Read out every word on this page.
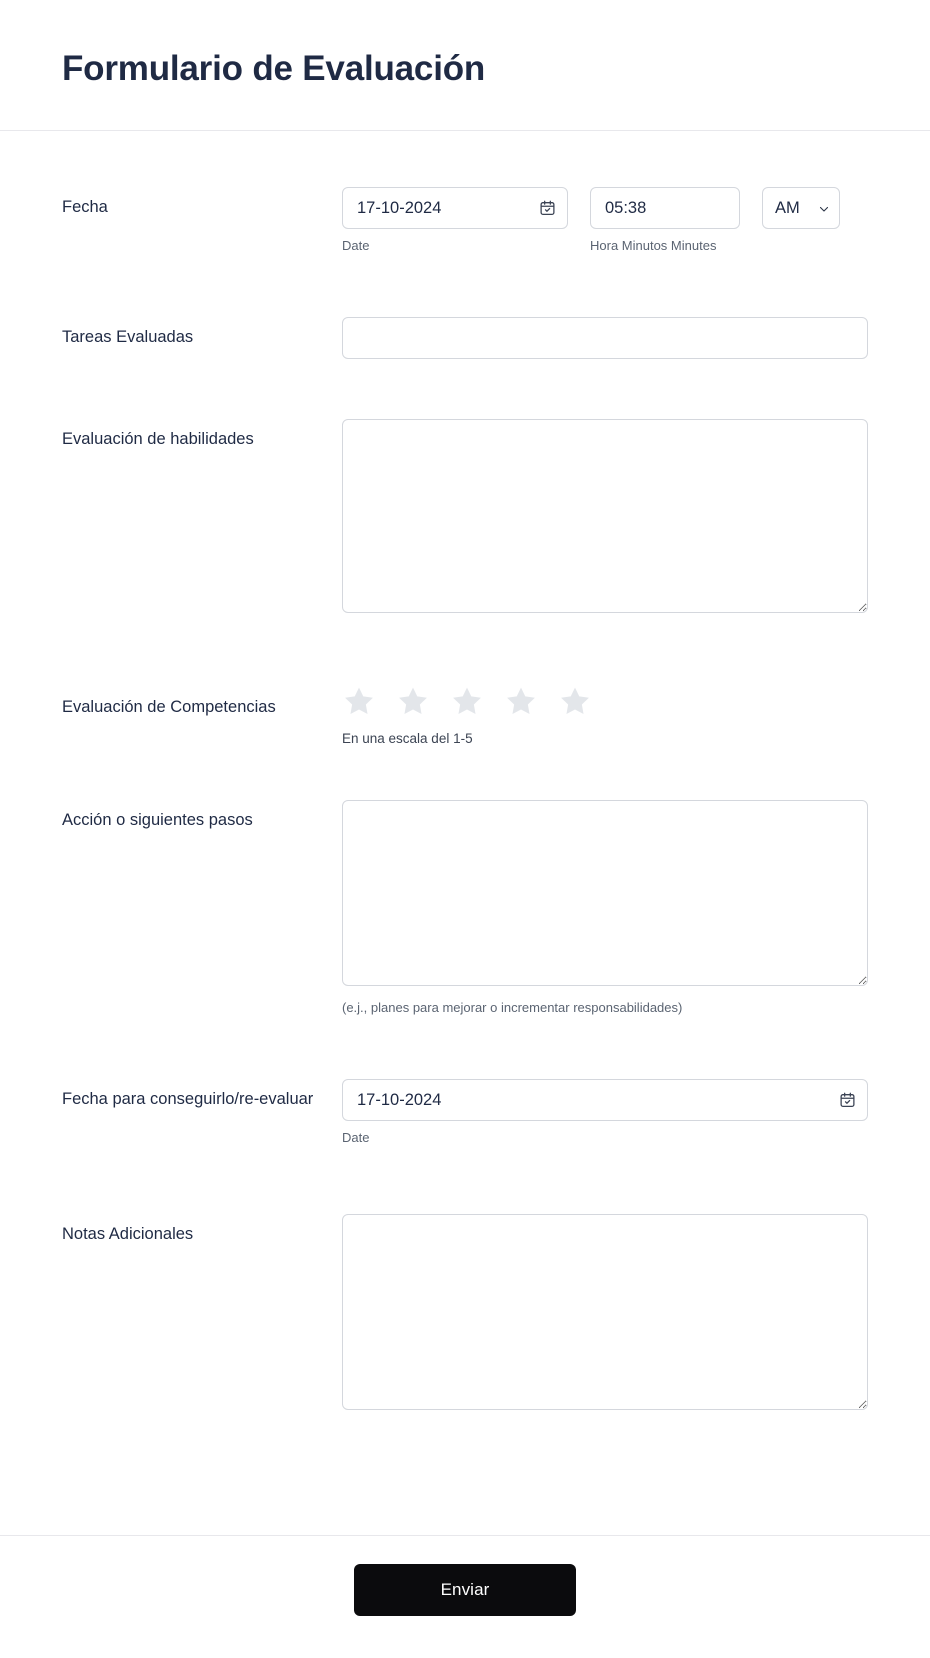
Formulario de Evaluación
Fecha
17-10-2024
05:38
AM
Date	Hora Minutos Minutes
Tareas Evaluadas
Evaluación de habilidades
Evaluación de Competencias
En una escala del 1-5
Acción o siguientes pasos
(e.j., planes para mejorar o incrementar responsabilidades)
Fecha para conseguirlo/re-evaluar
17-10-2024
Date
Notas Adicionales
Enviar
